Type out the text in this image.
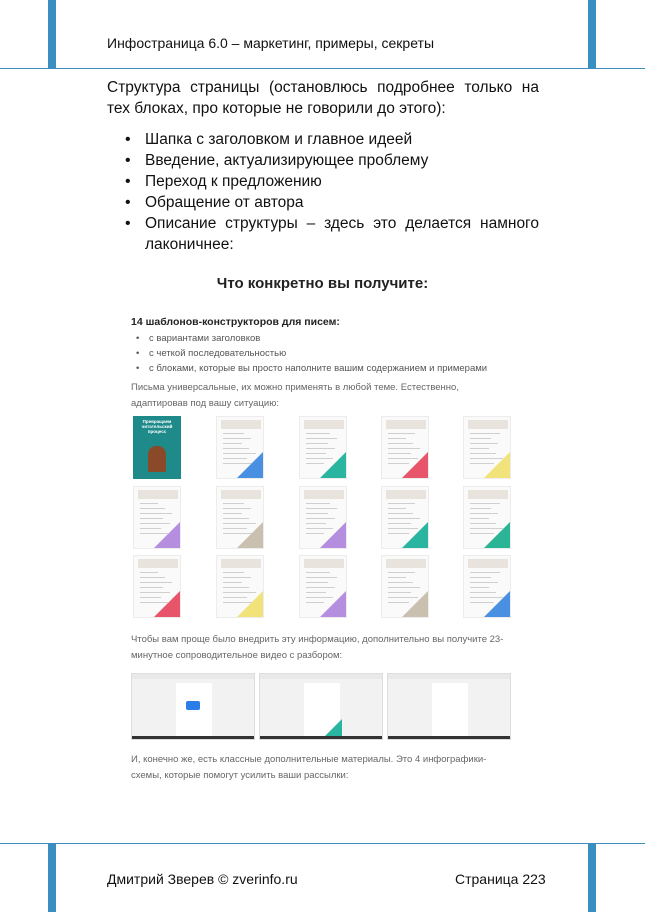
Инфостраница 6.0 – маркетинг, примеры, секреты
Структура страницы (остановлюсь подробнее только на тех блоках, про которые не говорили до этого):
• Шапка с заголовком и главное идеей
• Введение, актуализирующее проблему
• Переход к предложению
• Обращение от автора
• Описание структуры – здесь это делается намного лаконичнее:
Что конкретно вы получите:
14 шаблонов-конструкторов для писем:
• с вариантами заголовков
• с четкой последовательностью
• с блоками, которые вы просто наполните вашим содержанием и примерами
Письма универсальные, их можно применять в любой теме. Естественно, адаптировав под вашу ситуацию:
Превращаем читательский процесс
Чтобы вам проще было внедрить эту информацию, дополнительно вы получите 23-минутное сопроводительное видео с разбором:
И, конечно же, есть классные дополнительные материалы. Это 4 инфографики-схемы, которые помогут усилить ваши рассылки:
Дмитрий Зверев © zverinfo.ru	Страница 223
